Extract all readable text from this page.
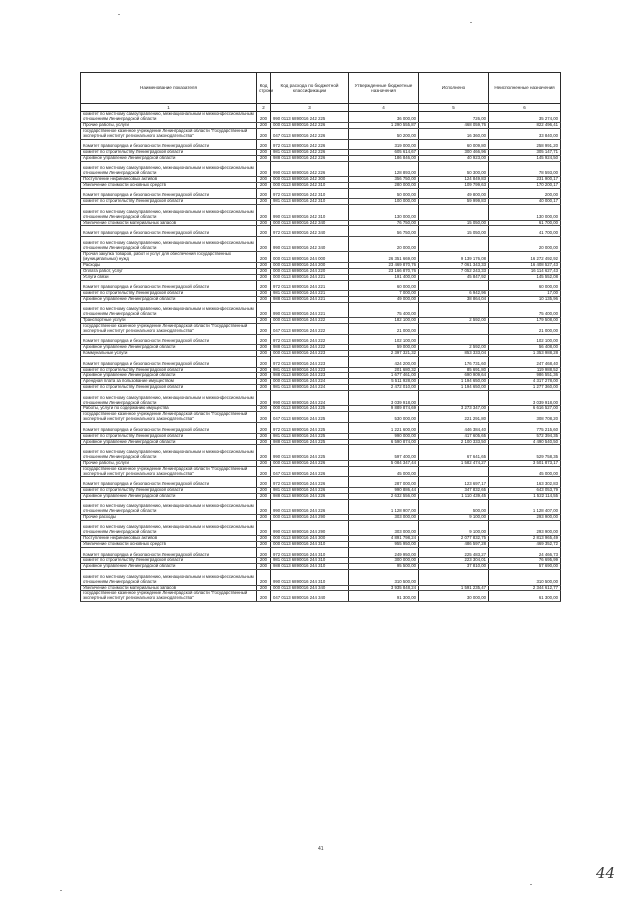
Наименование показателя	Код строки	Код расхода по бюджетной классификации	Утвержденные бюджетные назначения	Исполнено	Неисполненные назначения
1	2	3	4	5	6
комитет по местному самоуправлению, межнациональным и межконфессиональным отношениям Ленинградской области	200	990 0113 6890016 242 225	36 000,00	726,00	35 274,00
Прочие работы, услуги	200	000 0113 6890016 242 226	1 290 555,87	468 059,76	822 496,41
государственное казенное учреждение Ленинградской области "Государственный экспертный институт регионального законодательства"	200	047 0113 6890016 242 226	50 200,00	16 360,00	33 840,00

Комитет правопорядка и безопасности Ленинградской области	200	972 0113 6890016 242 226	319 000,00	60 009,80	258 991,20
комитет по строительству Ленинградской области	200	981 0113 6890016 242 226	605 614,67	300 466,96	305 147,71
Архивное управление Ленинградской области	200	988 0113 6890016 242 226	186 846,00	40 923,00	145 924,50

комитет по местному самоуправлению, межнациональным и межконфессиональным отношениям Ленинградской области	200	990 0113 6890016 242 226	128 893,00	50 300,00	78 593,00
Поступление нефинансовых активов	200	000 0113 6890016 242 300	356 750,00	124 849,83	231 900,17
Увеличение стоимости основных средств	200	000 0113 6890016 242 310	280 000,00	109 799,63	170 200,17

Комитет правопорядка и безопасности Ленинградской области	200	972 0113 6890016 242 310	50 000,00	49 800,00	200,00
комитет по строительству Ленинградской области	200	981 0113 6890016 242 310	100 000,00	59 999,83	40 000,17

комитет по местному самоуправлению, межнациональным и межконфессиональным отношениям Ленинградской области	200	990 0113 6890016 242 310	130 000,00		130 000,00
Увеличение стоимости материальных запасов	200	000 0113 6890016 242 340	76 750,00	15 050,00	61 700,00

Комитет правопорядка и безопасности Ленинградской области	200	972 0113 6890016 242 340	56 750,00	15 050,00	41 700,00

комитет по местному самоуправлению, межнациональным и межконфессиональным отношениям Ленинградской области	200	990 0113 6890016 242 340	20 000,00		20 000,00
Прочая закупка товаров, работ и услуг для обеспечения государственных (муниципальных) нужд	200	000 0113 6890016 244 000	26 351 669,00	9 139 176,08	16 272 492,92
Расходы	200	000 0113 6890016 244 200	23 469 870,76	7 061 343,33	16 408 527,43
Оплата работ, услуг	200	000 0113 6890016 244 220	23 166 870,76	7 052 243,33	16 114 627,43
Услуги связи	200	000 0113 6890016 244 221	191 400,00	45 847,92	145 552,08

Комитет правопорядка и безопасности Ленинградской области	200	972 0113 6890016 244 221	60 000,00		60 000,00
комитет по строительству Ленинградской области	200	981 0113 6890016 244 221	7 000,00	6 942,96	17,00
Архивное управление Ленинградской области	200	988 0113 6890016 244 221	49 000,00	38 864,04	10 135,96

комитет по местному самоуправлению, межнациональным и межконфессиональным отношениям Ленинградской области	200	990 0113 6890016 244 221	75 400,00		75 400,00
Транспортные услуги	200	000 0113 6890016 244 222	182 100,00	2 592,00	179 508,00
государственное казенное учреждение Ленинградской области "Государственный экспертный институт регионального законодательства"	200	047 0113 6890016 244 222	21 000,00		21 000,00

Комитет правопорядка и безопасности Ленинградской области	200	972 0113 6890016 244 222	102 100,00		102 100,00
Архивное управление Ленинградской области	200	988 0113 6890016 244 222	59 000,00	2 592,00	56 408,00
Коммунальные услуги	200	000 0113 6890016 244 223	2 397 321,32	853 333,04	1 353 988,28

Комитет правопорядка и безопасности Ленинградской области	200	972 0113 6890016 244 223	424 200,00	176 731,60	247 468,40
комитет по строительству Ленинградской области	200	981 0113 6890016 244 223	201 680,32	85 691,80	119 988,52
Архивное управление Ленинградской области	200	988 0113 6890016 244 223	1 677 461,00	690 909,64	986 551,36
Арендная плата за пользование имуществом	200	000 0113 6890016 244 224	5 511 928,00	1 194 650,00	4 317 278,00
комитет по строительству Ленинградской области	200	981 0113 6890016 244 224	2 472 010,00	1 194 650,00	1 277 360,00

комитет по местному самоуправлению, межнациональным и межконфессиональным отношениям Ленинградской области	200	990 0113 6890016 244 224	3 039 918,00		3 039 918,00
Работы, услуги по содержанию имущества	200	000 0113 6890016 244 225	9 889 874,69	3 273 347,00	6 616 527,00
государственное казенное учреждение Ленинградской области "Государственный экспертный институт регионального законодательства"	200	047 0113 6890016 244 225	530 000,00	221 291,80	308 708,20

Комитет правопорядка и безопасности Ленинградской области	200	972 0113 6890016 244 225	1 221 600,00	446 384,40	775 215,60
комитет по строительству Ленинградской области	200	981 0113 6890016 244 225	990 000,00	417 605,65	572 394,35
Архивное управление Ленинградской области	200	988 0113 6890016 244 225	6 590 874,00	2 100 333,50	4 490 540,50

комитет по местному самоуправлению, межнациональным и межконфессиональным отношениям Ленинградской области	200	990 0113 6890016 244 225	597 400,00	67 641,65	529 758,35
Прочие работы, услуги	200	000 0113 6890016 244 226	5 084 347,44	1 582 474,27	3 501 873,17
государственное казенное учреждение Ленинградской области "Государственный экспертный институт регионального законодательства"	200	047 0113 6890016 244 226	45 000,00		45 000,00

Комитет правопорядка и безопасности Ленинградской области	200	972 0113 6890016 244 226	287 000,00	123 697,17	163 302,83
комитет по строительству Ленинградской области	200	981 0113 6890016 244 226	990 886,44	347 832,65	643 053,79
Архивное управление Ленинградской области	200	988 0113 6890016 244 226	2 632 556,00	1 110 439,45	1 522 114,55

комитет по местному самоуправлению, межнациональным и межконфессиональным отношениям Ленинградской области	200	990 0113 6890016 244 226	1 128 907,00	500,00	1 128 407,00
Прочие расходы	200	000 0113 6890016 244 290	303 000,00	9 100,00	293 900,00

комитет по местному самоуправлению, межнациональным и межконфессиональным отношениям Ленинградской области	200	990 0113 6890016 244 290	303 000,00	9 100,00	293 900,00
Поступление нефинансовых активов	200	000 0113 6890016 244 300	4 891 798,24	2 077 832,75	2 813 965,49
Увеличение стоимости основных средств	200	000 0113 6890016 244 310	955 950,00	486 597,28	469 352,72

Комитет правопорядка и безопасности Ленинградской области	200	972 0113 6890016 244 310	249 950,00	225 483,27	24 466,73
комитет по строительству Ленинградской области	200	981 0113 6890016 244 310	300 000,00	223 304,01	76 695,99
Архивное управление Ленинградской области	200	988 0113 6890016 244 310	95 500,00	37 810,00	57 690,00

комитет по местному самоуправлению, межнациональным и межконфессиональным отношениям Ленинградской области	200	990 0113 6890016 244 310	310 500,00		310 500,00
Увеличение стоимости материальных запасов	200	000 0113 6890016 244 340	3 935 848,24	1 591 235,47	2 344 612,77
государственное казенное учреждение Ленинградской области "Государственный экспертный институт регионального законодательства"	200	047 0113 6890016 244 340	91 300,00	30 000,00	61 300,00
41
44
